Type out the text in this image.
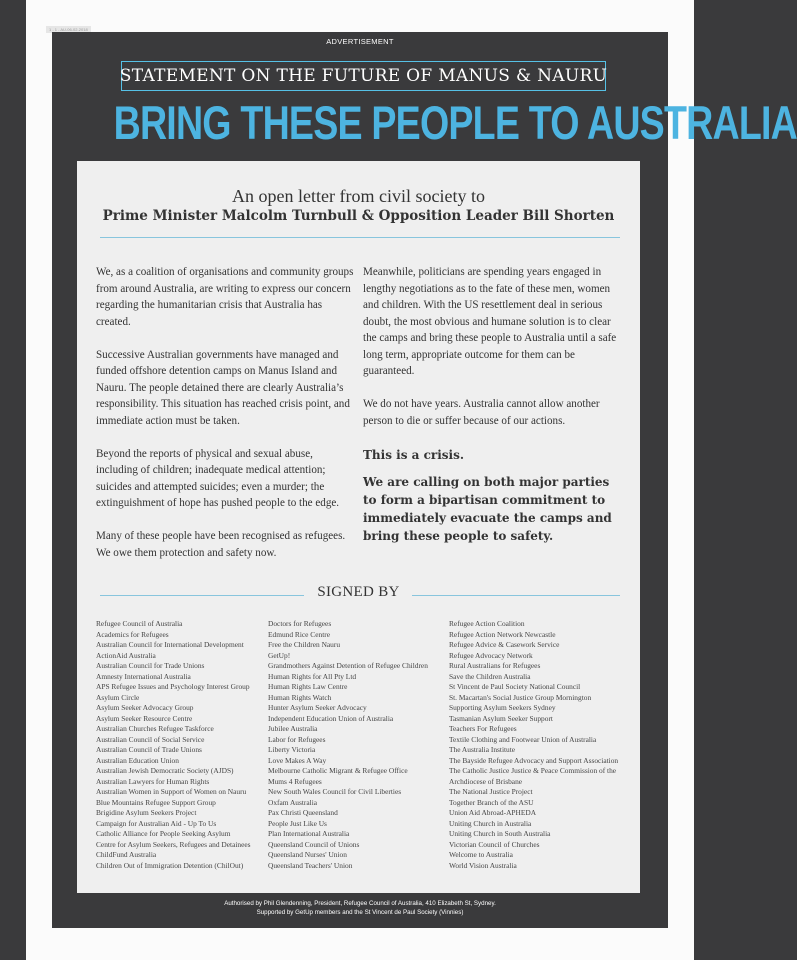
1 - 1 - AU-06-02-2018
ADVERTISEMENT
STATEMENT ON THE FUTURE OF MANUS & NAURU
BRING THESE PEOPLE TO AUSTRALIA
An open letter from civil society to
Prime Minister Malcolm Turnbull & Opposition Leader Bill Shorten

We, as a coalition of organisations and community groups from around Australia, are writing to express our concern regarding the humanitarian crisis that Australia has created.

Successive Australian governments have managed and funded offshore detention camps on Manus Island and Nauru. The people detained there are clearly Australia’s responsibility. This situation has reached crisis point, and immediate action must be taken.

Beyond the reports of physical and sexual abuse, including of children; inadequate medical attention; suicides and attempted suicides; even a murder; the extinguishment of hope has pushed people to the edge.

Many of these people have been recognised as refugees. We owe them protection and safety now.

Meanwhile, politicians are spending years engaged in lengthy negotiations as to the fate of these men, women and children. With the US resettlement deal in serious doubt, the most obvious and humane solution is to clear the camps and bring these people to Australia until a safe long term, appropriate outcome for them can be guaranteed.

We do not have years. Australia cannot allow another person to die or suffer because of our actions.

This is a crisis.

We are calling on both major parties to form a bipartisan commitment to immediately evacuate the camps and bring these people to safety.

SIGNED BY
Refugee Council of Australia
Academics for Refugees
Australian Council for International Development
ActionAid Australia
Australian Council for Trade Unions
Amnesty International Australia
APS Refugee Issues and Psychology Interest Group
Asylum Circle
Asylum Seeker Advocacy Group
Asylum Seeker Resource Centre
Australian Churches Refugee Taskforce
Australian Council of Social Service
Australian Council of Trade Unions
Australian Education Union
Australian Jewish Democratic Society (AJDS)
Australian Lawyers for Human Rights
Australian Women in Support of Women on Nauru
Blue Mountains Refugee Support Group
Brigidine Asylum Seekers Project
Campaign for Australian Aid - Up To Us
Catholic Alliance for People Seeking Asylum
Centre for Asylum Seekers, Refugees and Detainees
ChildFund Australia
Children Out of Immigration Detention (ChilOut)
Doctors for Refugees
Edmund Rice Centre
Free the Children Nauru
GetUp!
Grandmothers Against Detention of Refugee Children
Human Rights for All Pty Ltd
Human Rights Law Centre
Human Rights Watch
Hunter Asylum Seeker Advocacy
Independent Education Union of Australia
Jubilee Australia
Labor for Refugees
Liberty Victoria
Love Makes A Way
Melbourne Catholic Migrant & Refugee Office
Mums 4 Refugees
New South Wales Council for Civil Liberties
Oxfam Australia
Pax Christi Queensland
People Just Like Us
Plan International Australia
Queensland Council of Unions
Queensland Nurses' Union
Queensland Teachers' Union
Refugee Action Coalition
Refugee Action Network Newcastle
Refugee Advice & Casework Service
Refugee Advocacy Network
Rural Australians for Refugees
Save the Children Australia
St Vincent de Paul Society National Council
St. Macartan's Social Justice Group Mornington
Supporting Asylum Seekers Sydney
Tasmanian Asylum Seeker Support
Teachers For Refugees
Textile Clothing and Footwear Union of Australia
The Australia Institute
The Bayside Refugee Advocacy and Support Association
The Catholic Justice Justice & Peace Commission of the
Archdiocese of Brisbane
The National Justice Project
Together Branch of the ASU
Union Aid Abroad-APHEDA
Uniting Church in Australia
Uniting Church in South Australia
Victorian Council of Churches
Welcome to Australia
World Vision Australia
Authorised by Phil Glendenning, President, Refugee Council of Australia, 410 Elizabeth St, Sydney.
Supported by GetUp members and the St Vincent de Paul Society (Vinnies)
